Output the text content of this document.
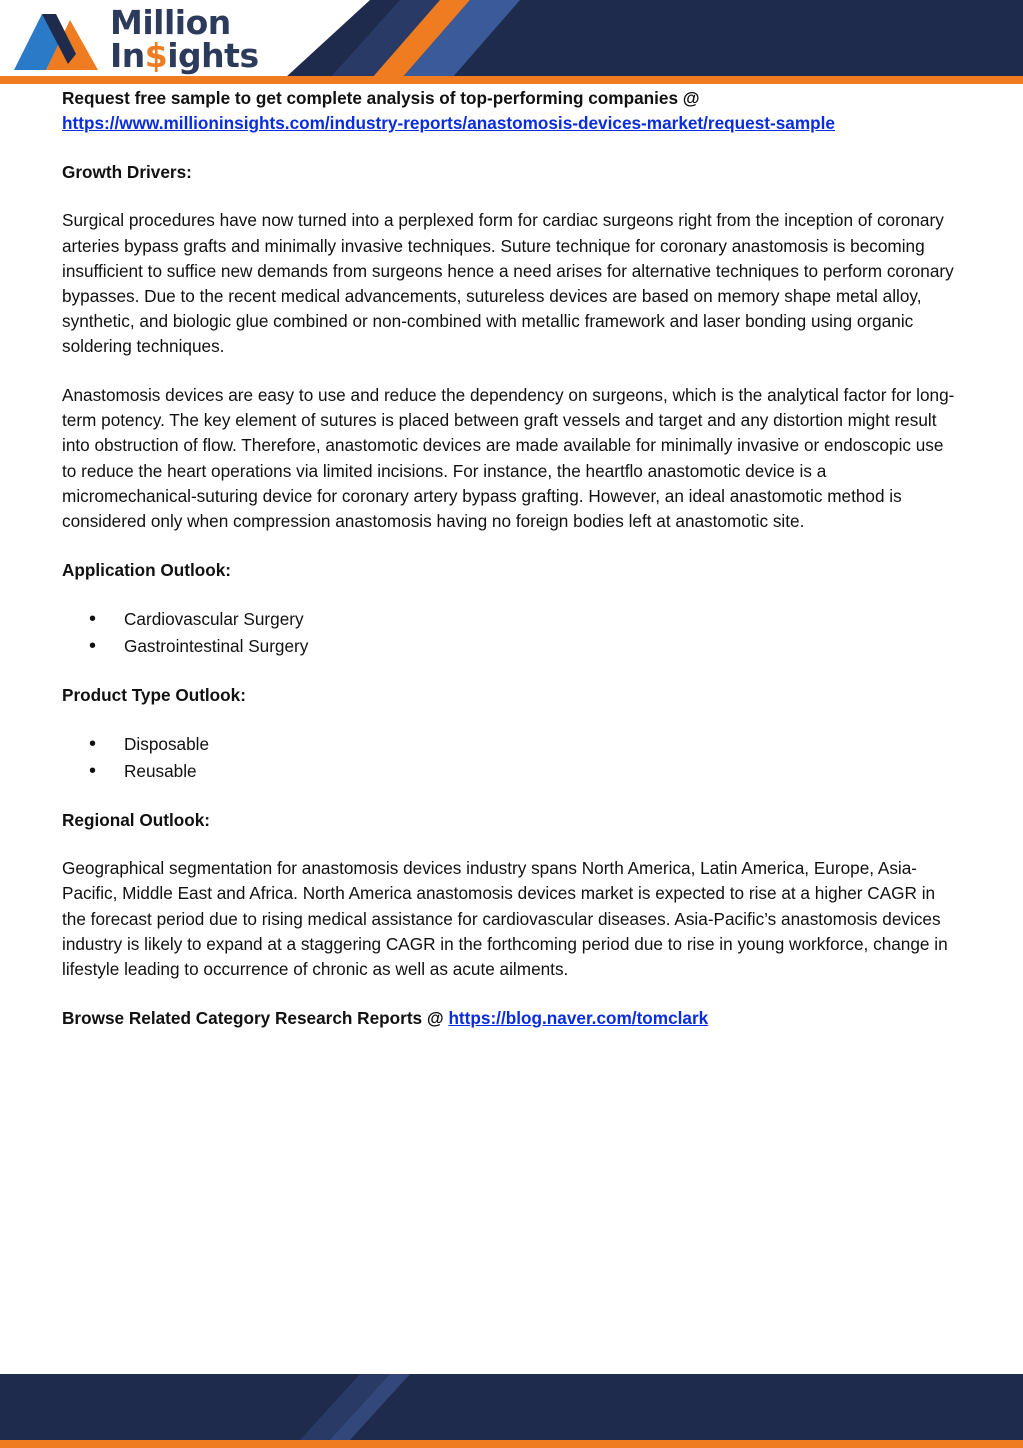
Million
In$ights

Request free sample to get complete analysis of top-performing companies @

https://www.millioninsights.com/industry-reports/anastomosis-devices-market/request-sample

Growth Drivers:

Surgical procedures have now turned into a perplexed form for cardiac surgeons right from the inception of coronary arteries bypass grafts and minimally invasive techniques. Suture technique for coronary anastomosis is becoming insufficient to suffice new demands from surgeons hence a need arises for alternative techniques to perform coronary bypasses. Due to the recent medical advancements, sutureless devices are based on memory shape metal alloy, synthetic, and biologic glue combined or non-combined with metallic framework and laser bonding using organic soldering techniques.

Anastomosis devices are easy to use and reduce the dependency on surgeons, which is the analytical factor for long-term potency. The key element of sutures is placed between graft vessels and target and any distortion might result into obstruction of flow. Therefore, anastomotic devices are made available for minimally invasive or endoscopic use to reduce the heart operations via limited incisions. For instance, the heartflo anastomotic device is a micromechanical-suturing device for coronary artery bypass grafting. However, an ideal anastomotic method is considered only when compression anastomosis having no foreign bodies left at anastomotic site.

Application Outlook:

• Cardiovascular Surgery
• Gastrointestinal Surgery

Product Type Outlook:

• Disposable
• Reusable

Regional Outlook:

Geographical segmentation for anastomosis devices industry spans North America, Latin America, Europe, Asia-Pacific, Middle East and Africa. North America anastomosis devices market is expected to rise at a higher CAGR in the forecast period due to rising medical assistance for cardiovascular diseases. Asia-Pacific’s anastomosis devices industry is likely to expand at a staggering CAGR in the forthcoming period due to rise in young workforce, change in lifestyle leading to occurrence of chronic as well as acute ailments.

Browse Related Category Research Reports @ https://blog.naver.com/tomclark
